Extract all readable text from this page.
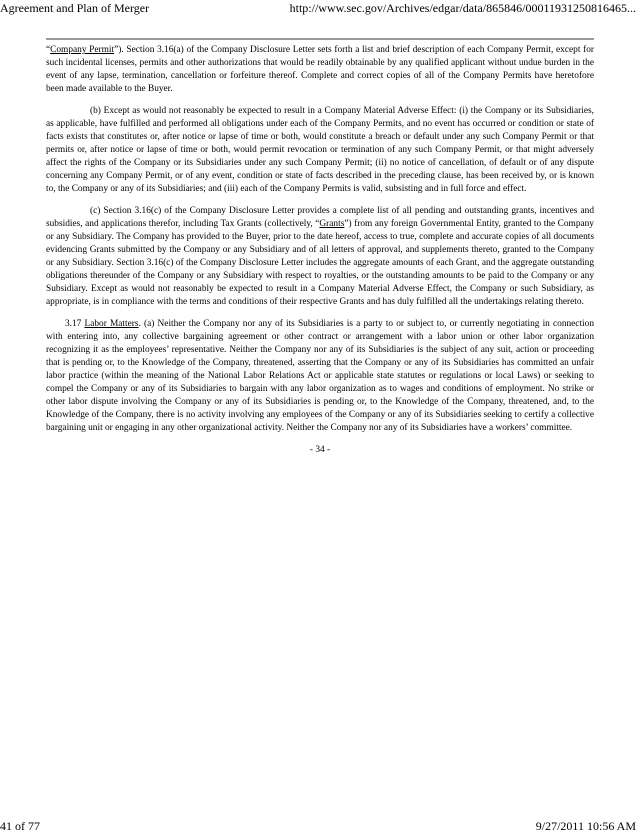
Agreement and Plan of Merger	http://www.sec.gov/Archives/edgar/data/865846/00011931250816465...

“Company Permit”). Section 3.16(a) of the Company Disclosure Letter sets forth a list and brief description of each Company Permit, except for such incidental licenses, permits and other authorizations that would be readily obtainable by any qualified applicant without undue burden in the event of any lapse, termination, cancellation or forfeiture thereof. Complete and correct copies of all of the Company Permits have heretofore been made available to the Buyer.

(b) Except as would not reasonably be expected to result in a Company Material Adverse Effect: (i) the Company or its Subsidiaries, as applicable, have fulfilled and performed all obligations under each of the Company Permits, and no event has occurred or condition or state of facts exists that constitutes or, after notice or lapse of time or both, would constitute a breach or default under any such Company Permit or that permits or, after notice or lapse of time or both, would permit revocation or termination of any such Company Permit, or that might adversely affect the rights of the Company or its Subsidiaries under any such Company Permit; (ii) no notice of cancellation, of default or of any dispute concerning any Company Permit, or of any event, condition or state of facts described in the preceding clause, has been received by, or is known to, the Company or any of its Subsidiaries; and (iii) each of the Company Permits is valid, subsisting and in full force and effect.

(c) Section 3.16(c) of the Company Disclosure Letter provides a complete list of all pending and outstanding grants, incentives and subsidies, and applications therefor, including Tax Grants (collectively, “Grants”) from any foreign Governmental Entity, granted to the Company or any Subsidiary. The Company has provided to the Buyer, prior to the date hereof, access to true, complete and accurate copies of all documents evidencing Grants submitted by the Company or any Subsidiary and of all letters of approval, and supplements thereto, granted to the Company or any Subsidiary. Section 3.16(c) of the Company Disclosure Letter includes the aggregate amounts of each Grant, and the aggregate outstanding obligations thereunder of the Company or any Subsidiary with respect to royalties, or the outstanding amounts to be paid to the Company or any Subsidiary. Except as would not reasonably be expected to result in a Company Material Adverse Effect, the Company or such Subsidiary, as appropriate, is in compliance with the terms and conditions of their respective Grants and has duly fulfilled all the undertakings relating thereto.

3.17 Labor Matters. (a) Neither the Company nor any of its Subsidiaries is a party to or subject to, or currently negotiating in connection with entering into, any collective bargaining agreement or other contract or arrangement with a labor union or other labor organization recognizing it as the employees’ representative. Neither the Company nor any of its Subsidiaries is the subject of any suit, action or proceeding that is pending or, to the Knowledge of the Company, threatened, asserting that the Company or any of its Subsidiaries has committed an unfair labor practice (within the meaning of the National Labor Relations Act or applicable state statutes or regulations or local Laws) or seeking to compel the Company or any of its Subsidiaries to bargain with any labor organization as to wages and conditions of employment. No strike or other labor dispute involving the Company or any of its Subsidiaries is pending or, to the Knowledge of the Company, threatened, and, to the Knowledge of the Company, there is no activity involving any employees of the Company or any of its Subsidiaries seeking to certify a collective bargaining unit or engaging in any other organizational activity. Neither the Company nor any of its Subsidiaries have a workers’ committee.

- 34 -
41 of 77	9/27/2011 10:56 AM
